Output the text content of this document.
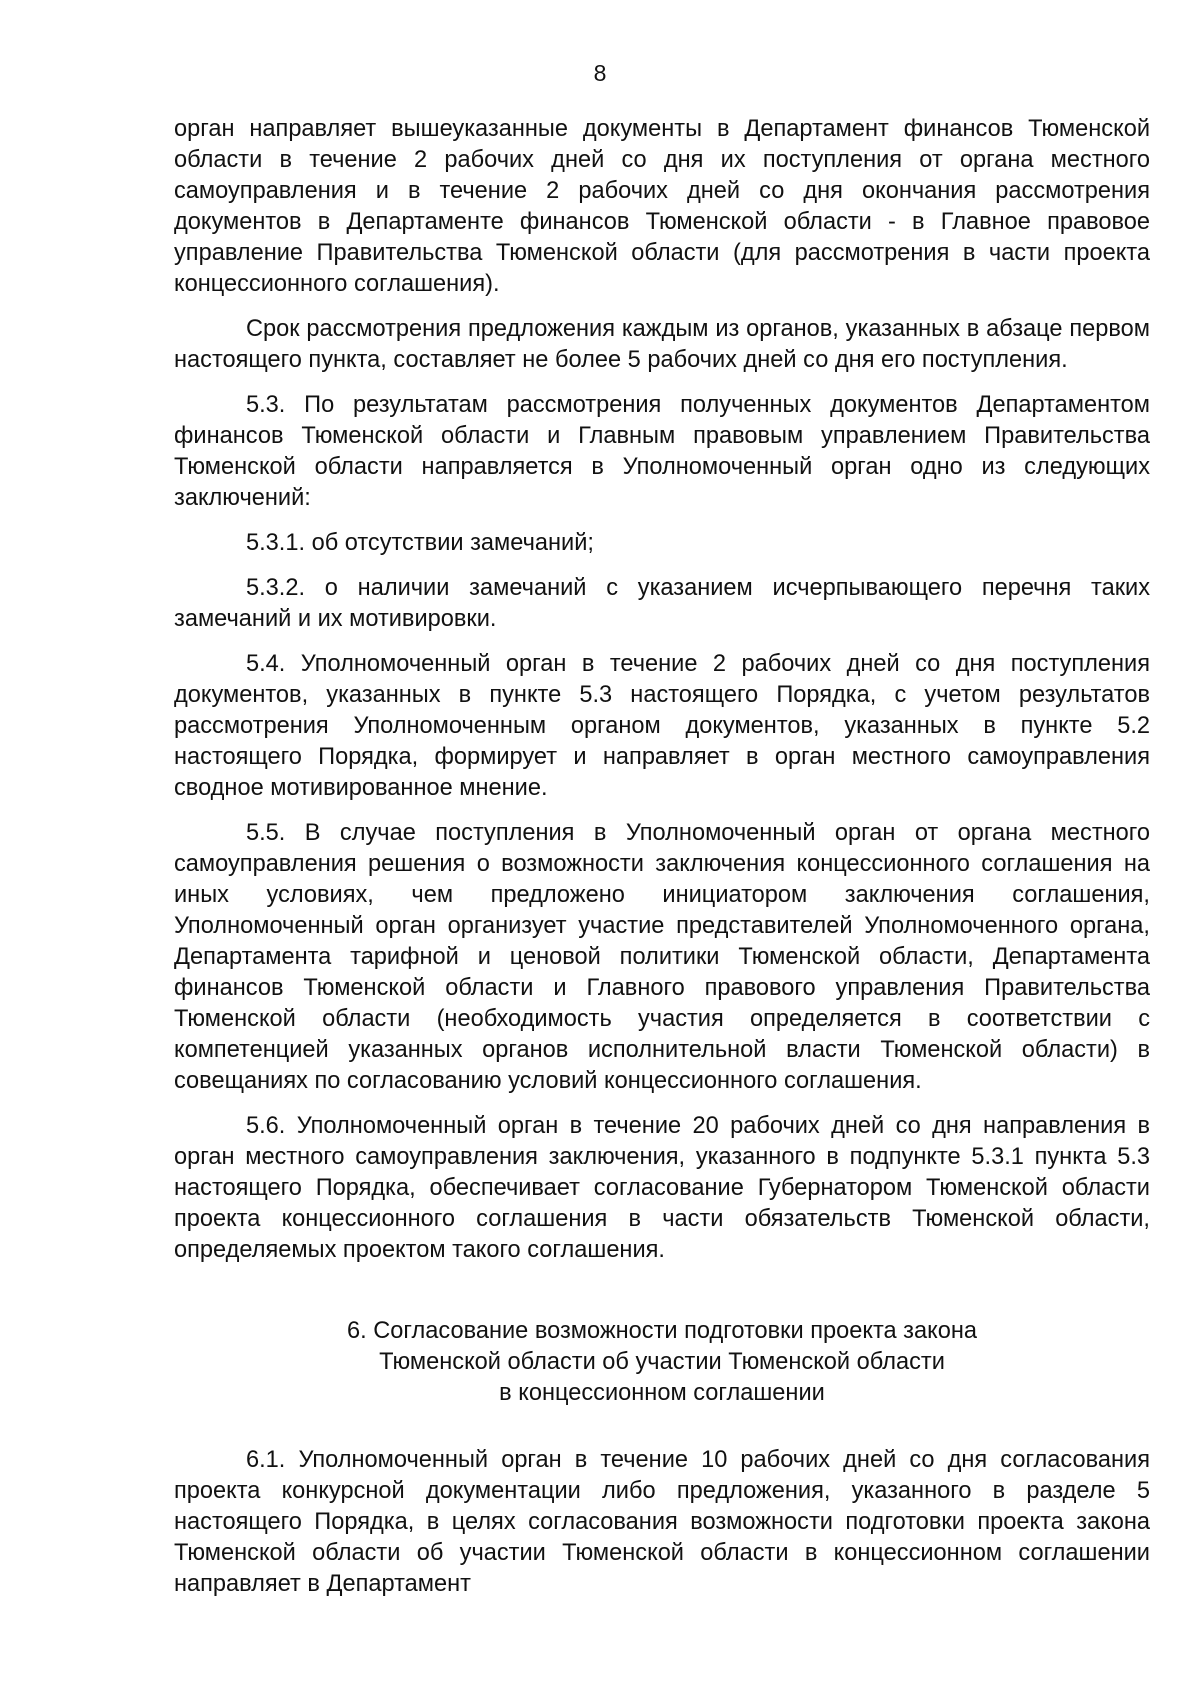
8

орган направляет вышеуказанные документы в Департамент финансов Тюменской области в течение 2 рабочих дней со дня их поступления от органа местного самоуправления и в течение 2 рабочих дней со дня окончания рассмотрения документов в Департаменте финансов Тюменской области - в Главное правовое управление Правительства Тюменской области (для рассмотрения в части проекта концессионного соглашения).

Срок рассмотрения предложения каждым из органов, указанных в абзаце первом настоящего пункта, составляет не более 5 рабочих дней со дня его поступления.

5.3. По результатам рассмотрения полученных документов Департаментом финансов Тюменской области и Главным правовым управлением Правительства Тюменской области направляется в Уполномоченный орган одно из следующих заключений:

5.3.1. об отсутствии замечаний;

5.3.2. о наличии замечаний с указанием исчерпывающего перечня таких замечаний и их мотивировки.

5.4. Уполномоченный орган в течение 2 рабочих дней со дня поступления документов, указанных в пункте 5.3 настоящего Порядка, с учетом результатов рассмотрения Уполномоченным органом документов, указанных в пункте 5.2 настоящего Порядка, формирует и направляет в орган местного самоуправления сводное мотивированное мнение.

5.5. В случае поступления в Уполномоченный орган от органа местного самоуправления решения о возможности заключения концессионного соглашения на иных условиях, чем предложено инициатором заключения соглашения, Уполномоченный орган организует участие представителей Уполномоченного органа, Департамента тарифной и ценовой политики Тюменской области, Департамента финансов Тюменской области и Главного правового управления Правительства Тюменской области (необходимость участия определяется в соответствии с компетенцией указанных органов исполнительной власти Тюменской области) в совещаниях по согласованию условий концессионного соглашения.

5.6. Уполномоченный орган в течение 20 рабочих дней со дня направления в орган местного самоуправления заключения, указанного в подпункте 5.3.1 пункта 5.3 настоящего Порядка, обеспечивает согласование Губернатором Тюменской области проекта концессионного соглашения в части обязательств Тюменской области, определяемых проектом такого соглашения.

6. Согласование возможности подготовки проекта закона
Тюменской области об участии Тюменской области
в концессионном соглашении

6.1. Уполномоченный орган в течение 10 рабочих дней со дня согласования проекта конкурсной документации либо предложения, указанного в разделе 5 настоящего Порядка, в целях согласования возможности подготовки проекта закона Тюменской области об участии Тюменской области в концессионном соглашении направляет в Департамент
